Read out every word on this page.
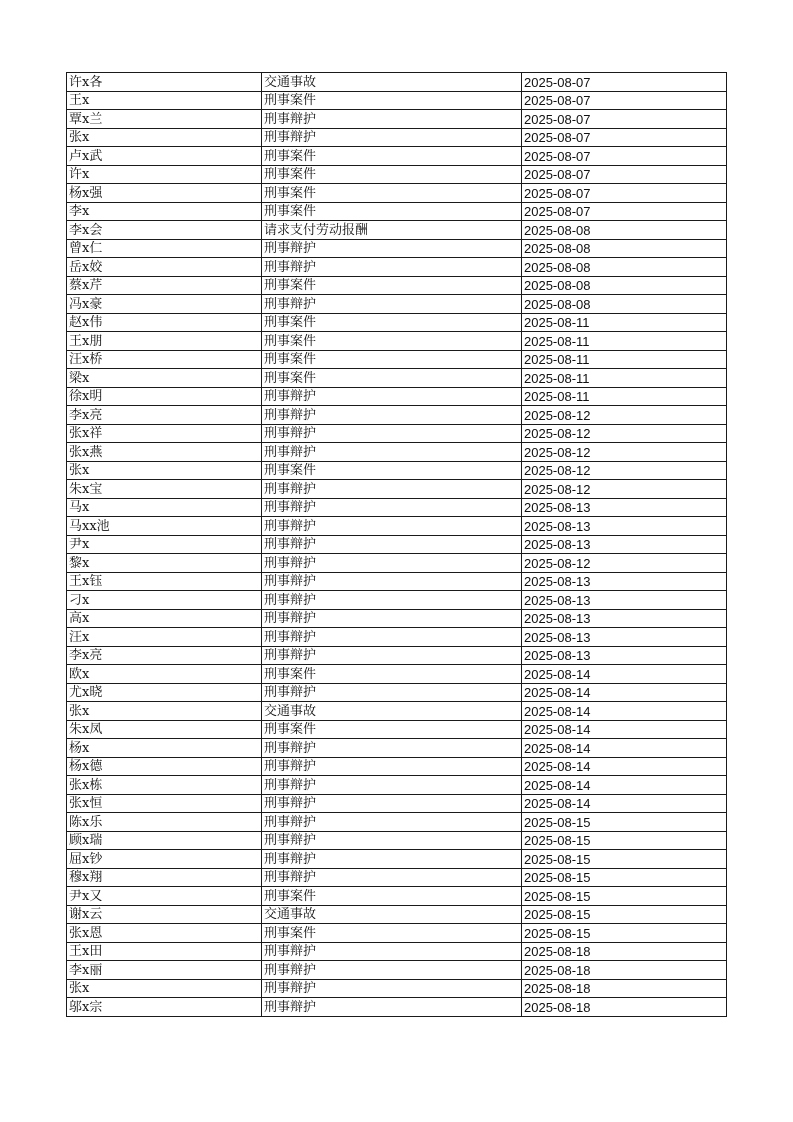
许x各	交通事故	2025-08-07
王x	刑事案件	2025-08-07
覃x兰	刑事辩护	2025-08-07
张x	刑事辩护	2025-08-07
卢x武	刑事案件	2025-08-07
许x	刑事案件	2025-08-07
杨x强	刑事案件	2025-08-07
李x	刑事案件	2025-08-07
李x会	请求支付劳动报酬	2025-08-08
曾x仁	刑事辩护	2025-08-08
岳x姣	刑事辩护	2025-08-08
蔡x芹	刑事案件	2025-08-08
冯x豪	刑事辩护	2025-08-08
赵x伟	刑事案件	2025-08-11
王x朋	刑事案件	2025-08-11
汪x桥	刑事案件	2025-08-11
梁x	刑事案件	2025-08-11
徐x明	刑事辩护	2025-08-11
李x亮	刑事辩护	2025-08-12
张x祥	刑事辩护	2025-08-12
张x燕	刑事辩护	2025-08-12
张x	刑事案件	2025-08-12
朱x宝	刑事辩护	2025-08-12
马x	刑事辩护	2025-08-13
马xx池	刑事辩护	2025-08-13
尹x	刑事辩护	2025-08-13
黎x	刑事辩护	2025-08-12
王x钰	刑事辩护	2025-08-13
刁x	刑事辩护	2025-08-13
高x	刑事辩护	2025-08-13
汪x	刑事辩护	2025-08-13
李x亮	刑事辩护	2025-08-13
欧x	刑事案件	2025-08-14
尤x晓	刑事辩护	2025-08-14
张x	交通事故	2025-08-14
朱x凤	刑事案件	2025-08-14
杨x	刑事辩护	2025-08-14
杨x德	刑事辩护	2025-08-14
张x栋	刑事辩护	2025-08-14
张x恒	刑事辩护	2025-08-14
陈x乐	刑事辩护	2025-08-15
顾x瑞	刑事辩护	2025-08-15
屈x钞	刑事辩护	2025-08-15
穆x翔	刑事辩护	2025-08-15
尹x又	刑事案件	2025-08-15
谢x云	交通事故	2025-08-15
张x恩	刑事案件	2025-08-15
王x田	刑事辩护	2025-08-18
李x丽	刑事辩护	2025-08-18
张x	刑事辩护	2025-08-18
邬x宗	刑事辩护	2025-08-18
